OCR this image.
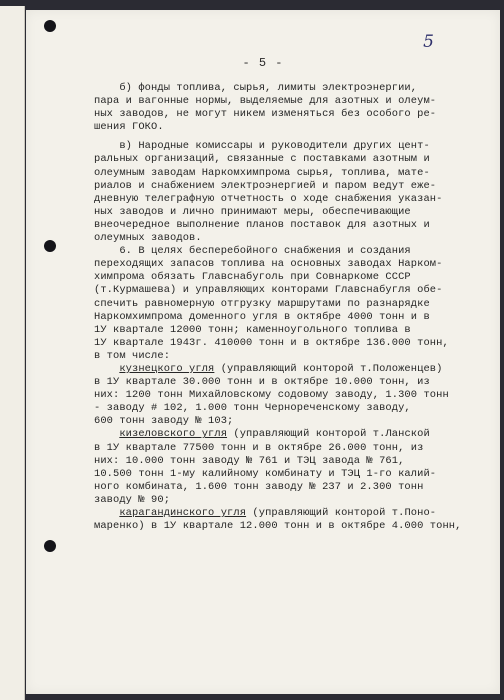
5
- 5 -
б) фонды топлива, сырья, лимиты электроэнергии,
пара и вагонные нормы, выделяемые для азотных и олеум-
ных заводов, не могут никем изменяться без особого ре-
шения ГОКО.
в) Народные комиссары и руководители других цент-
ральных организаций, связанные с поставками азотным и
олеумным заводам Наркомхимпрома сырья, топлива, мате-
риалов и снабжением электроэнергией и паром ведут еже-
дневную телеграфную отчетность о ходе снабжения указан-
ных заводов и лично принимают меры, обеспечивающие
внеочередное выполнение планов поставок для азотных и
олеумных заводов.
6. В целях бесперебойного снабжения и создания
переходящих запасов топлива на основных заводах Нарком-
химпрома обязать Главснабуголь при Совнаркоме СССР
(т.Курмашева) и управляющих конторами Главснабугля обе-
спечить равномерную отгрузку маршрутами по разнарядке
Наркомхимпрома доменного угля в октябре 4000 тонн и в
1У квартале 12000 тонн; каменноугольного топлива в
1У квартале 1943г. 410000 тонн и в октябре 136.000 тонн,
в том числе:
кузнецкого угля (управляющий конторой т.Положенцев)
в 1У квартале 30.000 тонн и в октябре 10.000 тонн, из
них: 1200 тонн Михайловскому содовому заводу, 1.300 тонн
- заводу # 102, 1.000 тонн Чернореченскому заводу,
600 тонн заводу № 103;
кизеловского угля (управляющий конторой т.Ланской
в 1У квартале 77500 тонн и в октябре 26.000 тонн, из
них: 10.000 тонн заводу № 761 и ТЭЦ завода № 761,
10.500 тонн 1-му калийному комбинату и ТЭЦ 1-го калий-
ного комбината, 1.600 тонн заводу № 237 и 2.300 тонн
заводу № 90;
карагандинского угля (управляющий конторой т.Поно-
маренко) в 1У квартале 12.000 тонн и в октябре 4.000 тонн,
